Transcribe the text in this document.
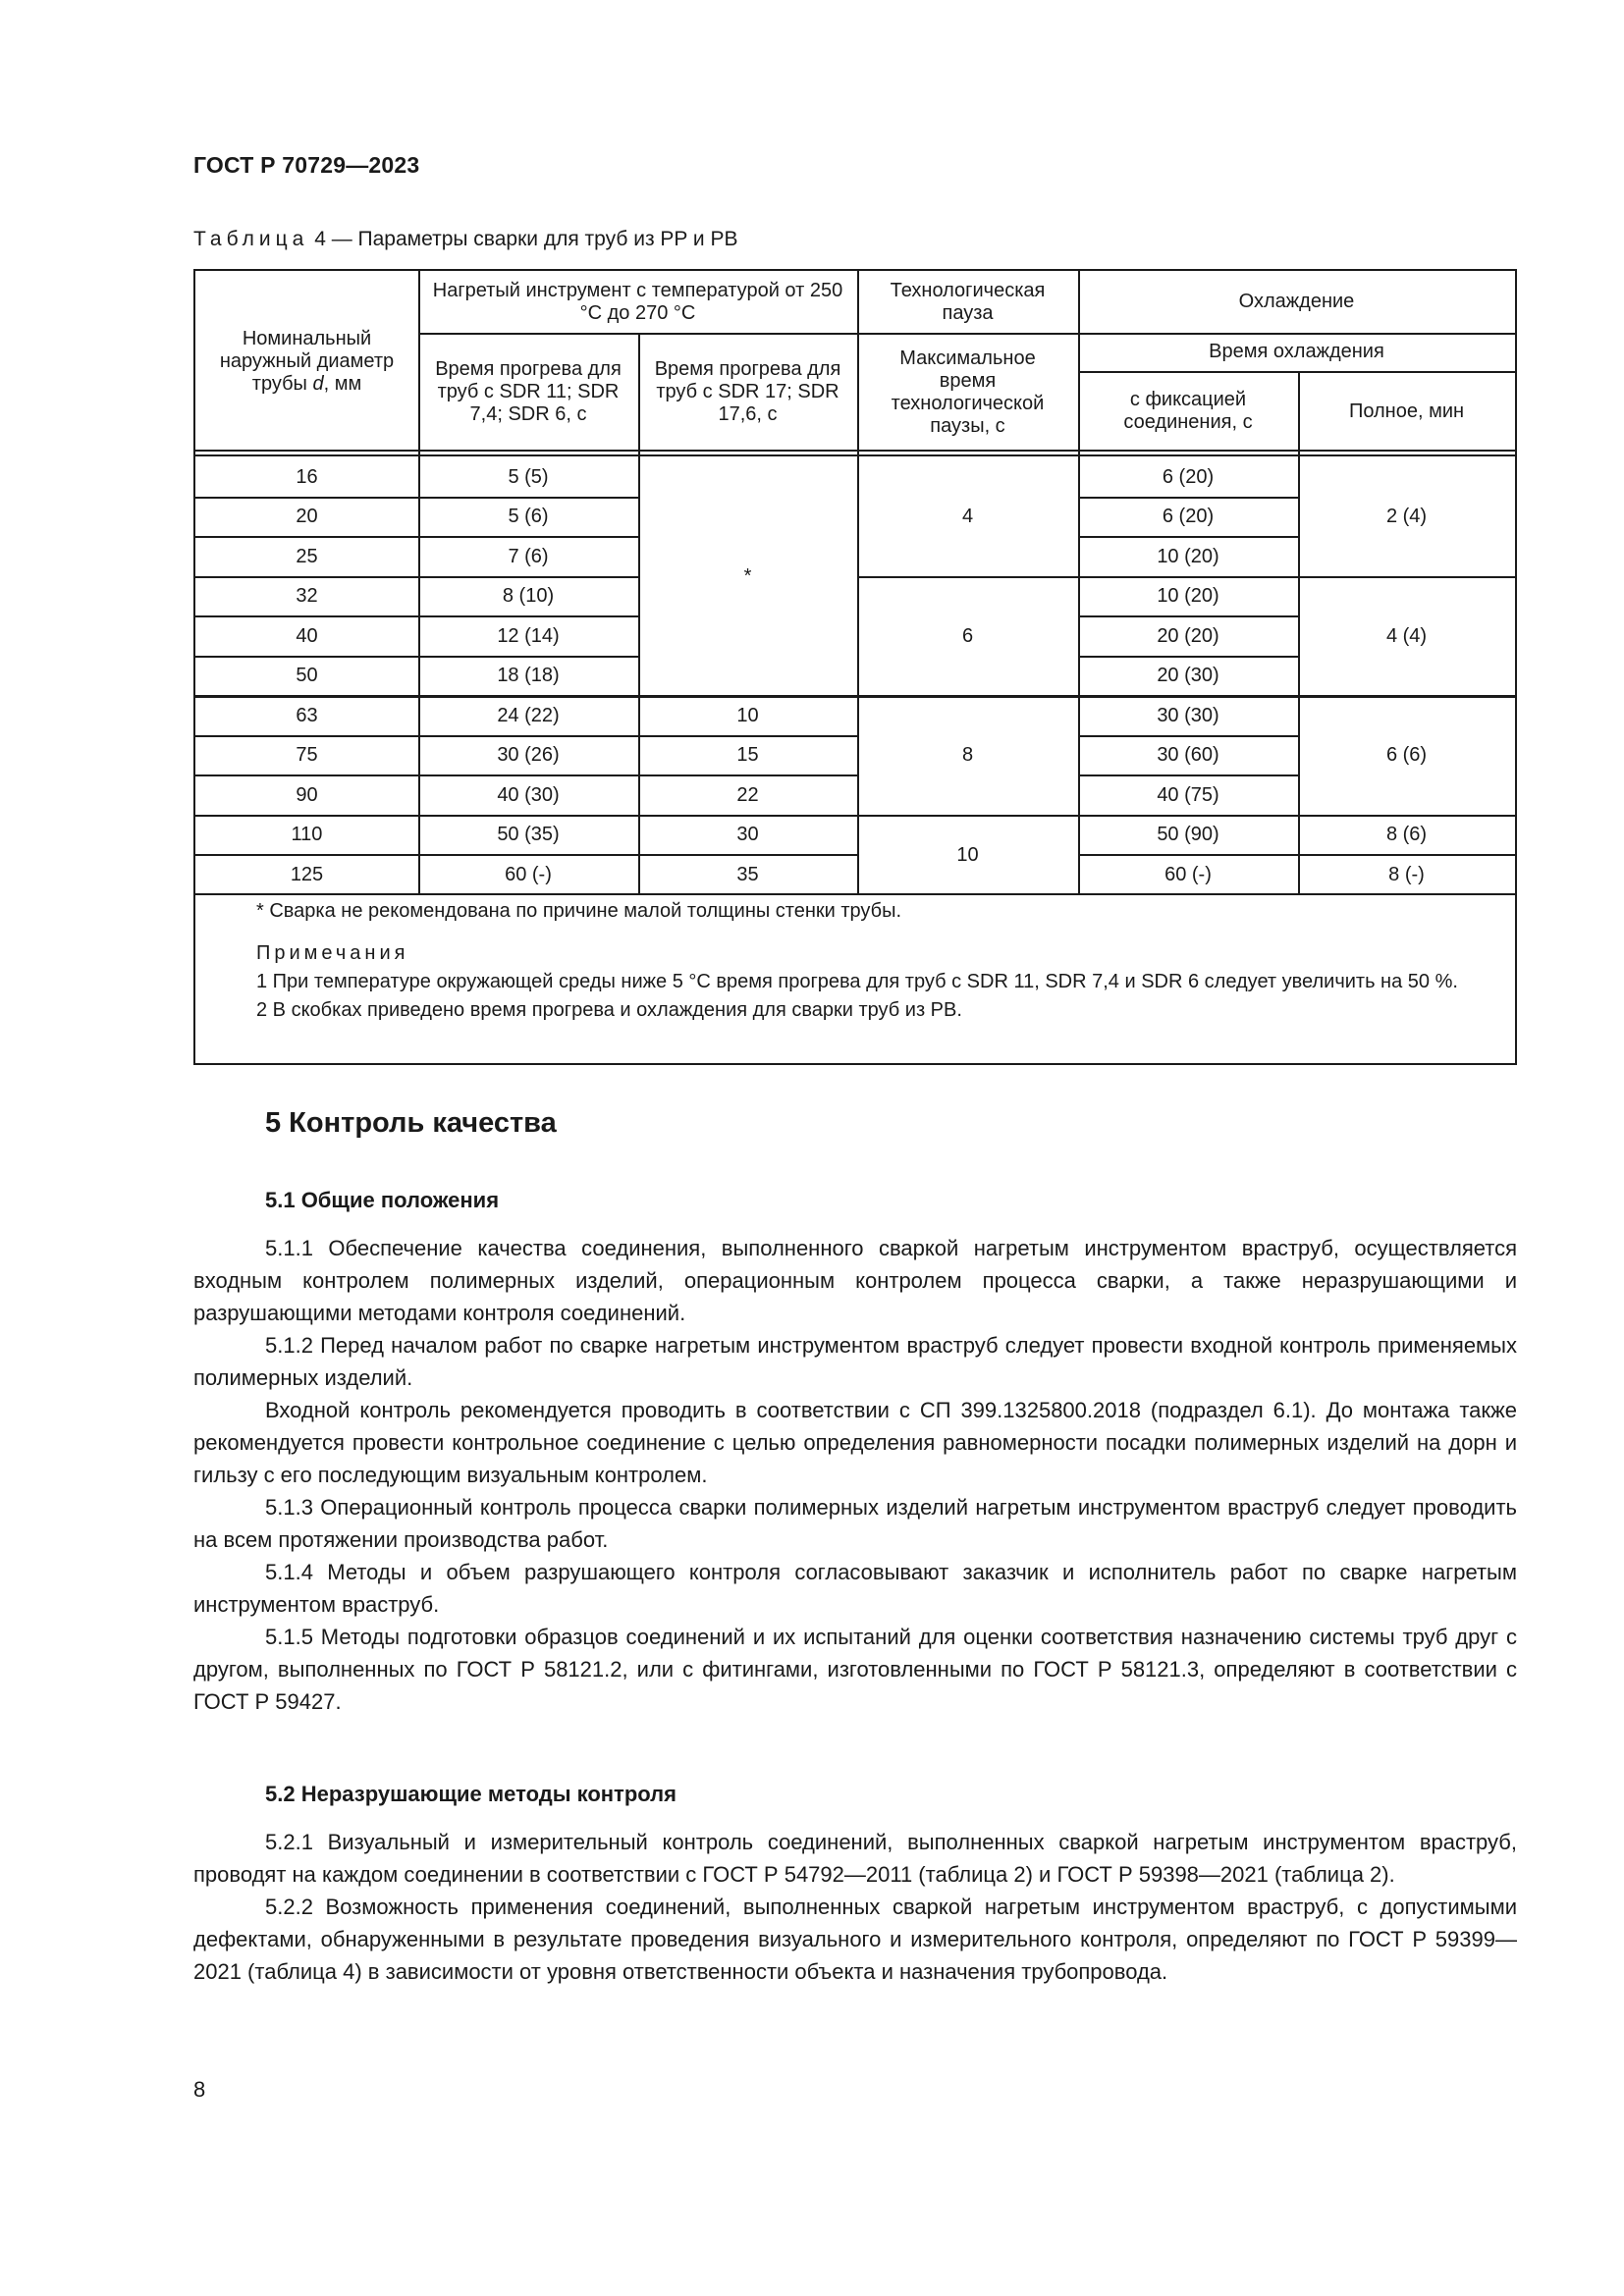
ГОСТ Р 70729—2023
Таблица 4 — Параметры сварки для труб из PP и PB
Номинальный
наружный диаметр
трубы d, мм
Нагретый инструмент с температурой от 250 °С до 270 °С
Время прогрева для труб с SDR 11; SDR 7,4; SDR 6, с
Время прогрева для труб с SDR 17; SDR 17,6, с
Технологическая пауза
Максимальное время технологической паузы, с
Охлаждение
Время охлаждения
с фиксацией соединения, с
Полное, мин
16
20
25
32
40
50
63
75
90
110
125
5 (5)
5 (6)
7 (6)
8 (10)
12 (14)
18 (18)
24 (22)
30 (26)
40 (30)
50 (35)
60 (-)
*
10
15
22
30
35
4
6
8
10
6 (20)
6 (20)
10 (20)
10 (20)
20 (20)
20 (30)
30 (30)
30 (60)
40 (75)
50 (90)
60 (-)
2 (4)
4 (4)
6 (6)
8 (6)
8 (-)

* Сварка не рекомендована по причине малой толщины стенки трубы.

Примечания

1 При температуре окружающей среды ниже 5 °С время прогрева для труб с SDR 11, SDR 7,4 и SDR 6 следует увеличить на 50 %.

2 В скобках приведено время прогрева и охлаждения для сварки труб из PB.

5 Контроль качества
5.1 Общие положения

5.1.1 Обеспечение качества соединения, выполненного сваркой нагретым инструментом враструб, осуществляется входным контролем полимерных изделий, операционным контролем процесса сварки, а также неразрушающими и разрушающими методами контроля соединений.

5.1.2 Перед началом работ по сварке нагретым инструментом враструб следует провести входной контроль применяемых полимерных изделий.

Входной контроль рекомендуется проводить в соответствии с СП 399.1325800.2018 (подраздел 6.1). До монтажа также рекомендуется провести контрольное соединение с целью определения равномерности посадки полимерных изделий на дорн и гильзу с его последующим визуальным контролем.

5.1.3 Операционный контроль процесса сварки полимерных изделий нагретым инструментом враструб следует проводить на всем протяжении производства работ.

5.1.4 Методы и объем разрушающего контроля согласовывают заказчик и исполнитель работ по сварке нагретым инструментом враструб.

5.1.5 Методы подготовки образцов соединений и их испытаний для оценки соответствия назначению системы труб друг с другом, выполненных по ГОСТ Р 58121.2, или с фитингами, изготовленными по ГОСТ Р 58121.3, определяют в соответствии с ГОСТ Р 59427.

5.2 Неразрушающие методы контроля

5.2.1 Визуальный и измерительный контроль соединений, выполненных сваркой нагретым инструментом враструб, проводят на каждом соединении в соответствии с ГОСТ Р 54792—2011 (таблица 2) и ГОСТ Р 59398—2021 (таблица 2).

5.2.2 Возможность применения соединений, выполненных сваркой нагретым инструментом враструб, с допустимыми дефектами, обнаруженными в результате проведения визуального и измерительного контроля, определяют по ГОСТ Р 59399—2021 (таблица 4) в зависимости от уровня ответственности объекта и назначения трубопровода.

8
